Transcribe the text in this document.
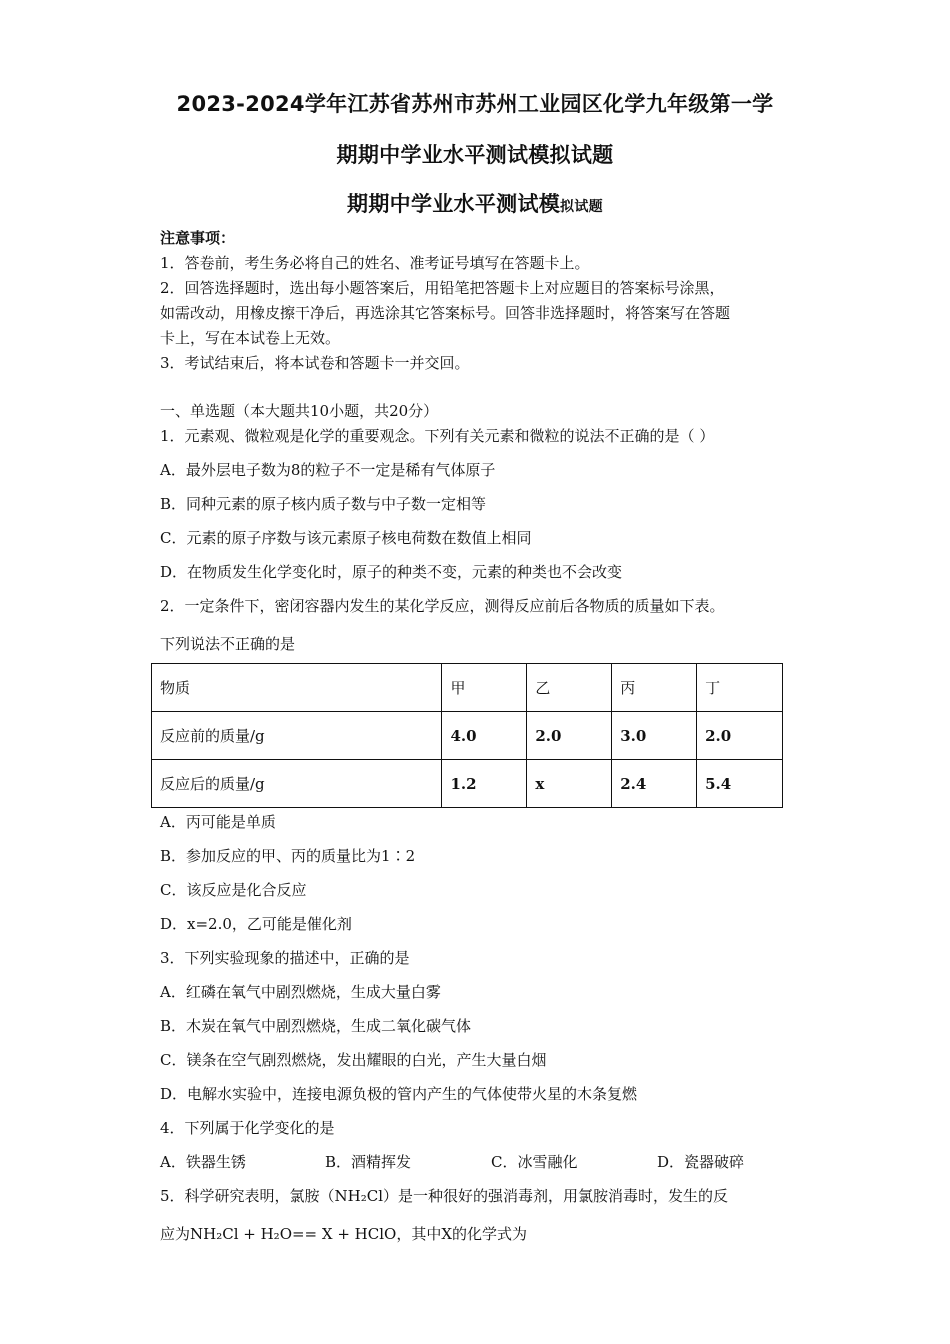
2023-2024学年江苏省苏州市苏州工业园区化学九年级第一学
期期中学业水平测试模拟试题
期期中学业水平测试模拟试题
注意事项：
1．答卷前，考生务必将自己的姓名、准考证号填写在答题卡上。
2．回答选择题时，选出每小题答案后，用铅笔把答题卡上对应题目的答案标号涂黑，
如需改动，用橡皮擦干净后，再选涂其它答案标号。回答非选择题时，将答案写在答题
卡上，写在本试卷上无效。
3．考试结束后，将本试卷和答题卡一并交回。
一、单选题（本大题共10小题，共20分）
1．元素观、微粒观是化学的重要观念。下列有关元素和微粒的说法不正确的是（ ）
A．最外层电子数为8的粒子不一定是稀有气体原子
B．同种元素的原子核内质子数与中子数一定相等
C．元素的原子序数与该元素原子核电荷数在数值上相同
D．在物质发生化学变化时，原子的种类不变，元素的种类也不会改变
2．一定条件下，密闭容器内发生的某化学反应，测得反应前后各物质的质量如下表。
下列说法不正确的是
物质	甲	乙	丙	丁
反应前的质量/g	4.0	2.0	3.0	2.0
反应后的质量/g	1.2	x	2.4	5.4
A．丙可能是单质
B．参加反应的甲、丙的质量比为1∶2
C．该反应是化合反应
D．x=2.0，乙可能是催化剂
3．下列实验现象的描述中，正确的是
A．红磷在氧气中剧烈燃烧，生成大量白雾
B．木炭在氧气中剧烈燃烧，生成二氧化碳气体
C．镁条在空气剧烈燃烧，发出耀眼的白光，产生大量白烟
D．电解水实验中，连接电源负极的管内产生的气体使带火星的木条复燃
4．下列属于化学变化的是
A．铁器生锈	B．酒精挥发	C．冰雪融化	D．瓷器破碎
5．科学研究表明，氯胺（NH₂Cl）是一种很好的强消毒剂，用氯胺消毒时，发生的反
应为NH₂Cl + H₂O== X + HClO，其中X的化学式为
